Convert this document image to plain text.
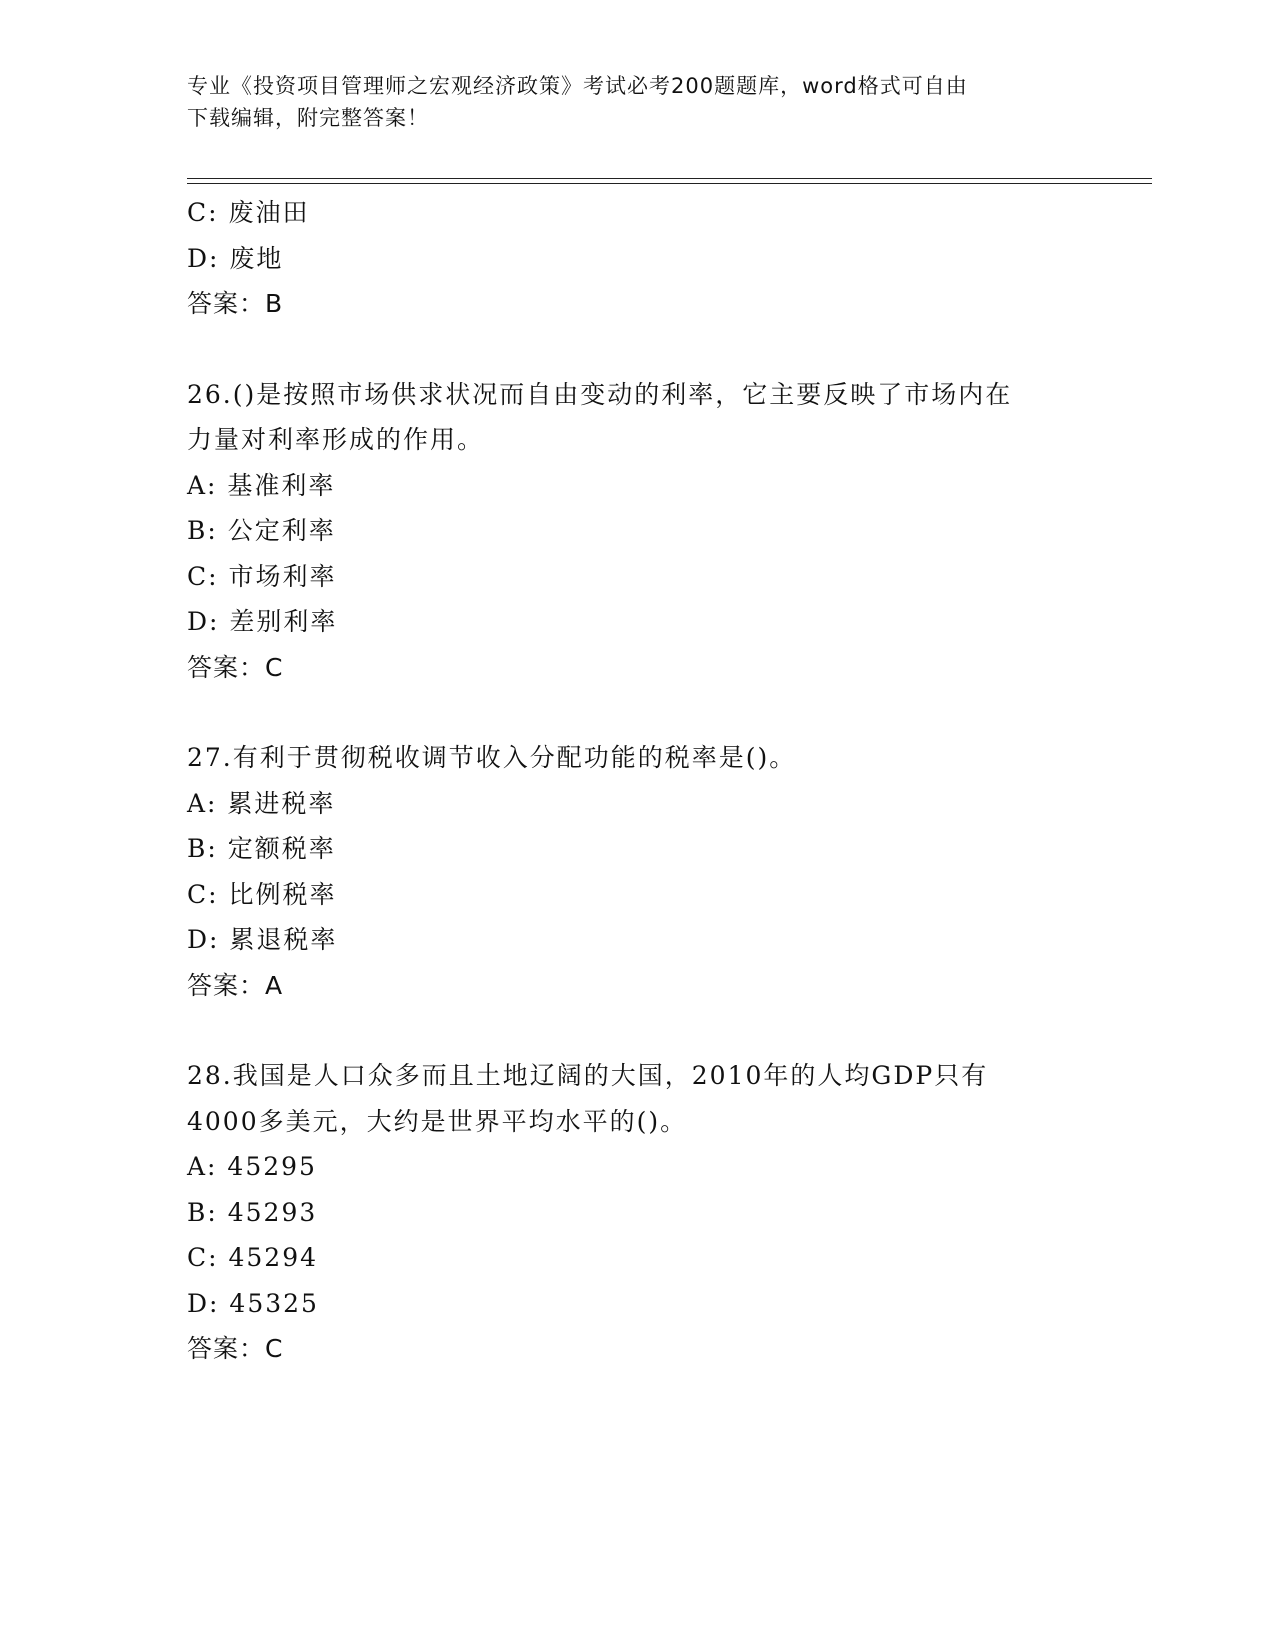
专业《投资项目管理师之宏观经济政策》考试必考200题题库，word格式可自由
下载编辑，附完整答案！
C: 废油田
D: 废地
答案：B
26.()是按照市场供求状况而自由变动的利率，它主要反映了市场内在
力量对利率形成的作用。
A: 基准利率
B: 公定利率
C: 市场利率
D: 差别利率
答案：C
27.有利于贯彻税收调节收入分配功能的税率是()。
A: 累进税率
B: 定额税率
C: 比例税率
D: 累退税率
答案：A
28.我国是人口众多而且土地辽阔的大国，2010年的人均GDP只有
4000多美元，大约是世界平均水平的()。
A: 45295
B: 45293
C: 45294
D: 45325
答案：C
